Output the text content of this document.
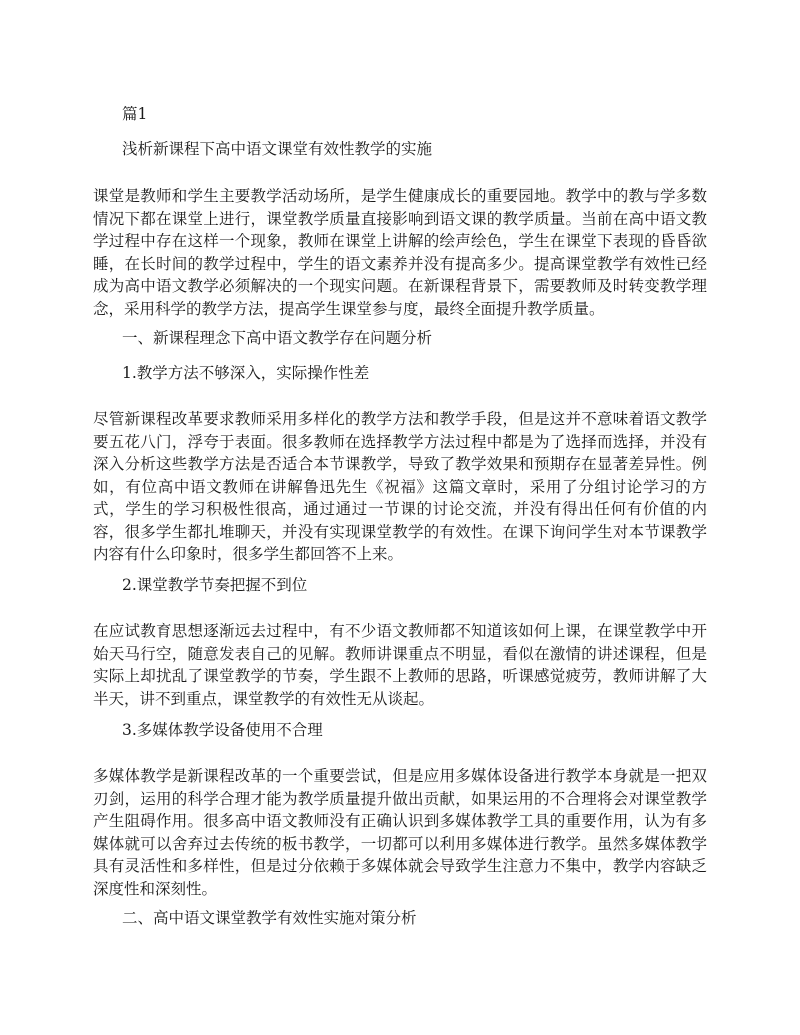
篇1

浅析新课程下高中语文课堂有效性教学的实施

课堂是教师和学生主要教学活动场所，是学生健康成长的重要园地。教学中的教与学多数情况下都在课堂上进行，课堂教学质量直接影响到语文课的教学质量。当前在高中语文教学过程中存在这样一个现象，教师在课堂上讲解的绘声绘色，学生在课堂下表现的昏昏欲睡，在长时间的教学过程中，学生的语文素养并没有提高多少。提高课堂教学有效性已经成为高中语文教学必须解决的一个现实问题。在新课程背景下，需要教师及时转变教学理念，采用科学的教学方法，提高学生课堂参与度，最终全面提升教学质量。

一、新课程理念下高中语文教学存在问题分析

1.教学方法不够深入，实际操作性差

尽管新课程改革要求教师采用多样化的教学方法和教学手段，但是这并不意味着语文教学要五花八门，浮夸于表面。很多教师在选择教学方法过程中都是为了选择而选择，并没有深入分析这些教学方法是否适合本节课教学，导致了教学效果和预期存在显著差异性。例如，有位高中语文教师在讲解鲁迅先生《祝福》这篇文章时，采用了分组讨论学习的方式，学生的学习积极性很高，通过通过一节课的讨论交流，并没有得出任何有价值的内容，很多学生都扎堆聊天，并没有实现课堂教学的有效性。在课下询问学生对本节课教学内容有什么印象时，很多学生都回答不上来。

2.课堂教学节奏把握不到位

在应试教育思想逐渐远去过程中，有不少语文教师都不知道该如何上课，在课堂教学中开始天马行空，随意发表自己的见解。教师讲课重点不明显，看似在激情的讲述课程，但是实际上却扰乱了课堂教学的节奏，学生跟不上教师的思路，听课感觉疲劳，教师讲解了大半天，讲不到重点，课堂教学的有效性无从谈起。

3.多媒体教学设备使用不合理

多媒体教学是新课程改革的一个重要尝试，但是应用多媒体设备进行教学本身就是一把双刃剑，运用的科学合理才能为教学质量提升做出贡献，如果运用的不合理将会对课堂教学产生阻碍作用。很多高中语文教师没有正确认识到多媒体教学工具的重要作用，认为有多媒体就可以舍弃过去传统的板书教学，一切都可以利用多媒体进行教学。虽然多媒体教学具有灵活性和多样性，但是过分依赖于多媒体就会导致学生注意力不集中，教学内容缺乏深度性和深刻性。

二、高中语文课堂教学有效性实施对策分析
